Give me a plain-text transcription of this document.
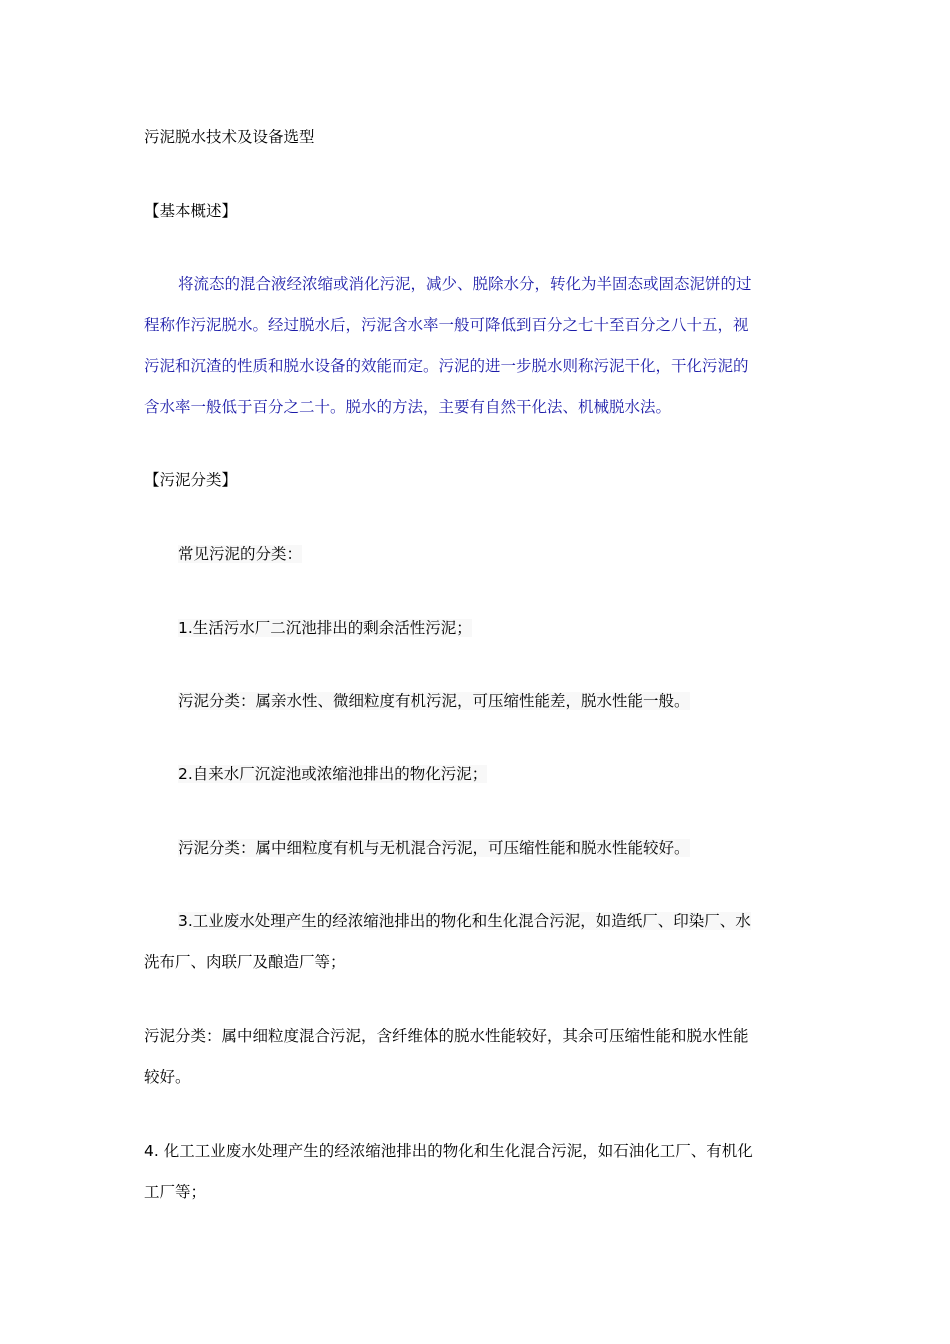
污泥脱水技术及设备选型
【基本概述】
将流态的混合液经浓缩或消化污泥，减少、脱除水分，转化为半固态或固态泥饼的过
程称作污泥脱水。经过脱水后，污泥含水率一般可降低到百分之七十至百分之八十五，视
污泥和沉渣的性质和脱水设备的效能而定。污泥的进一步脱水则称污泥干化，干化污泥的
含水率一般低于百分之二十。脱水的方法，主要有自然干化法、机械脱水法。
【污泥分类】
常见污泥的分类：
1.生活污水厂二沉池排出的剩余活性污泥；
污泥分类：属亲水性、微细粒度有机污泥，可压缩性能差，脱水性能一般。
2.自来水厂沉淀池或浓缩池排出的物化污泥；
污泥分类：属中细粒度有机与无机混合污泥，可压缩性能和脱水性能较好。
3.工业废水处理产生的经浓缩池排出的物化和生化混合污泥，如造纸厂、印染厂、水
洗布厂、肉联厂及酿造厂等；
污泥分类：属中细粒度混合污泥，含纤维体的脱水性能较好，其余可压缩性能和脱水性能
较好。
4. 化工工业废水处理产生的经浓缩池排出的物化和生化混合污泥，如石油化工厂、有机化
工厂等；
